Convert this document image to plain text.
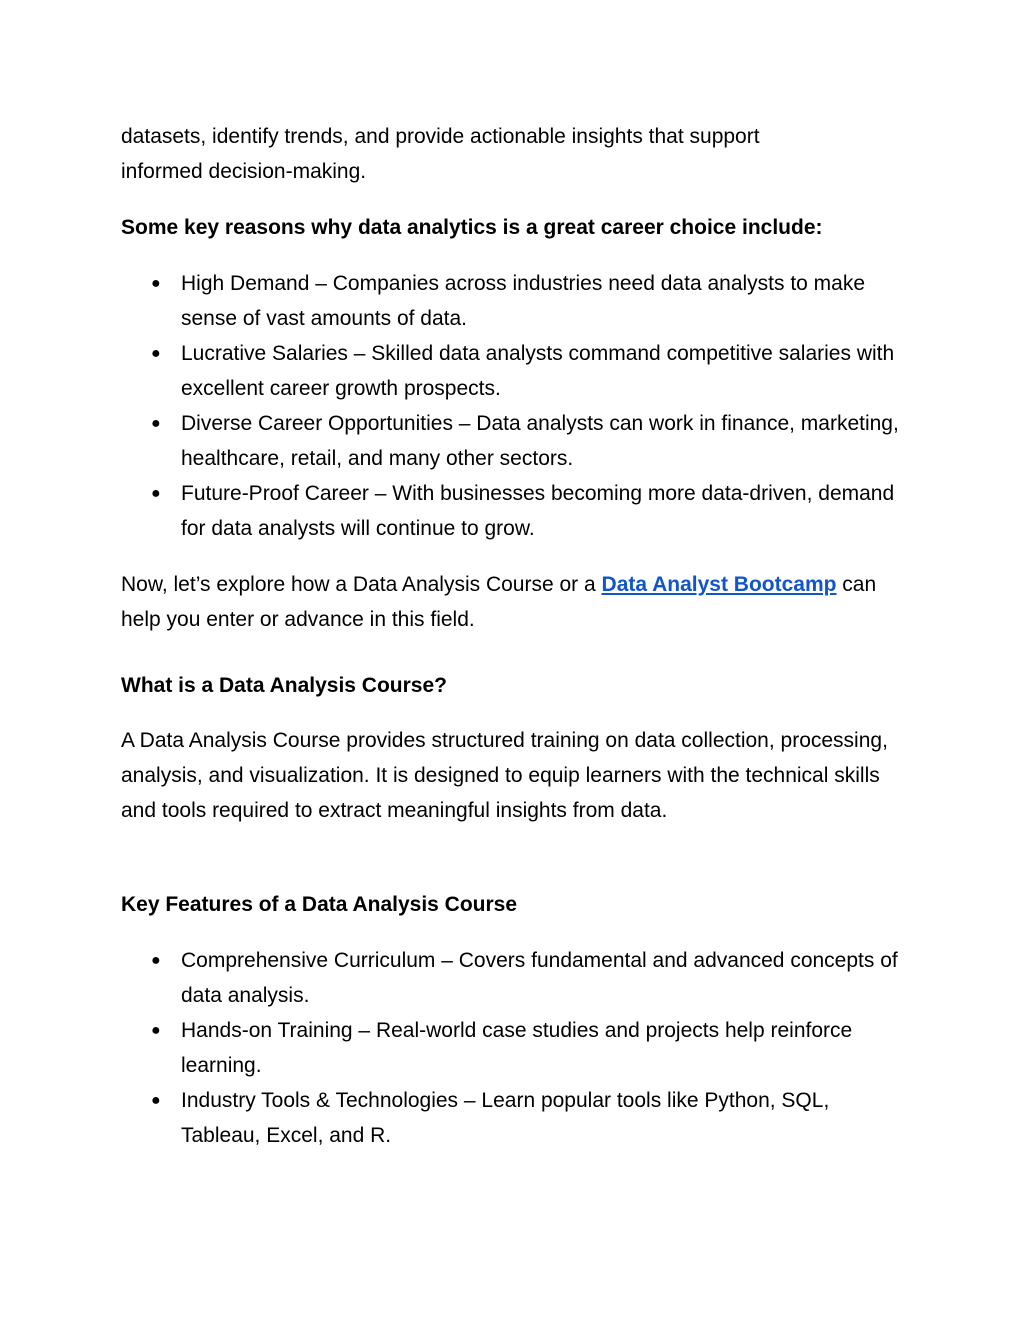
datasets, identify trends, and provide actionable insights that support informed decision-making.

Some key reasons why data analytics is a great career choice include:

● High Demand – Companies across industries need data analysts to make sense of vast amounts of data.
● Lucrative Salaries – Skilled data analysts command competitive salaries with excellent career growth prospects.
● Diverse Career Opportunities – Data analysts can work in finance, marketing, healthcare, retail, and many other sectors.
● Future-Proof Career – With businesses becoming more data-driven, demand for data analysts will continue to grow.

Now, let’s explore how a Data Analysis Course or a Data Analyst Bootcamp can help you enter or advance in this field.

What is a Data Analysis Course?

A Data Analysis Course provides structured training on data collection, processing, analysis, and visualization. It is designed to equip learners with the technical skills and tools required to extract meaningful insights from data.

Key Features of a Data Analysis Course

● Comprehensive Curriculum – Covers fundamental and advanced concepts of data analysis.
● Hands-on Training – Real-world case studies and projects help reinforce learning.
● Industry Tools & Technologies – Learn popular tools like Python, SQL, Tableau, Excel, and R.
